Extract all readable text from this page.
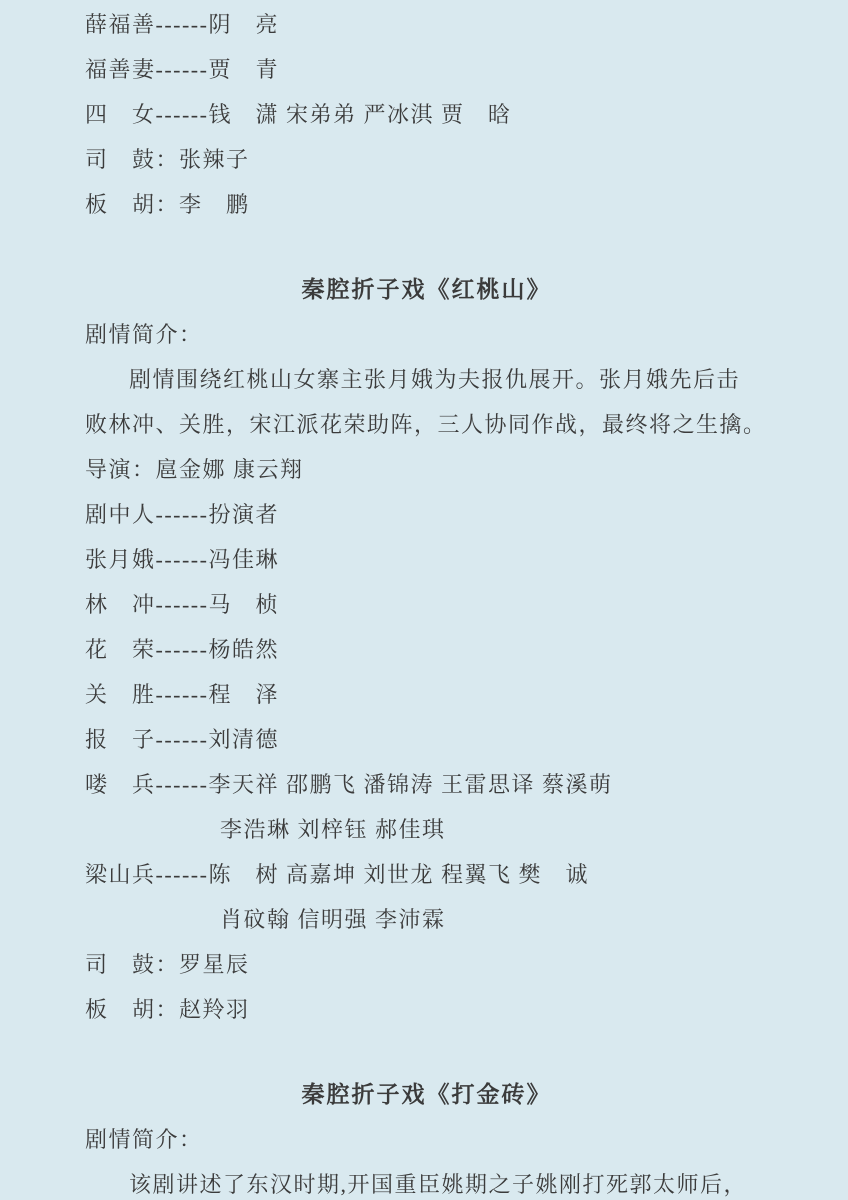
薛福善------阴　亮
福善妻------贾　青
四　女------钱　潇 宋弟弟 严冰淇 贾　晗
司　鼓：张辣子
板　胡：李　鹏
秦腔折子戏《红桃山》
剧情简介：
剧情围绕红桃山女寨主张月娥为夫报仇展开。张月娥先后击
败林冲、关胜，宋江派花荣助阵，三人协同作战，最终将之生擒。
导演：扈金娜 康云翔
剧中人------扮演者
张月娥------冯佳琳
林　冲------马　桢
花　荣------杨皓然
关　胜------程　泽
报　子------刘清德
喽　兵------李天祥 邵鹏飞 潘锦涛 王雷思译 蔡溪萌
李浩琳 刘梓钰 郝佳琪
梁山兵------陈　树 高嘉坤 刘世龙 程翼飞 樊　诚
肖砇翰 信明强 李沛霖
司　鼓：罗星辰
板　胡：赵羚羽
秦腔折子戏《打金砖》
剧情简介：
该剧讲述了东汉时期,开国重臣姚期之子姚刚打死郭太师后，
